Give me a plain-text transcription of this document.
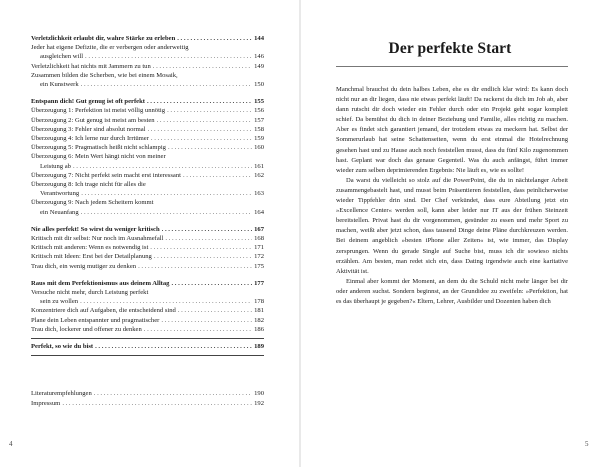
Verletzlichkeit erlaubt dir, wahre Stärke zu erleben . . .	144
Jeder hat eigene Defizite, die er verbergen oder anderweitig
ausgleichen will . . .	146
Verletzlichkeit hat nichts mit Jammern zu tun . . .	149
Zusammen bilden die Scherben, wie bei einem Mosaik,
ein Kunstwerk . . .	150
Entspann dich! Gut genug ist oft perfekt . . .	155
Überzeugung 1: Perfektion ist meist völlig unnötig . . .	156
Überzeugung 2: Gut genug ist meist am besten . . .	157
Überzeugung 3: Fehler sind absolut normal . . .	158
Überzeugung 4: Ich lerne nur durch Irrtümer . . .	159
Überzeugung 5: Pragmatisch heißt nicht schlampig . . .	160
Überzeugung 6: Mein Wert hängt nicht von meiner
Leistung ab . . .	161
Überzeugung 7: Nicht perfekt sein macht erst interessant . . .	162
Überzeugung 8: Ich trage nicht für alles die
Verantwortung . . .	163
Überzeugung 9: Nach jedem Scheitern kommt
ein Neuanfang . . .	164
Nie alles perfekt! So wirst du weniger kritisch . . .	167
Kritisch mit dir selbst: Nur noch im Ausnahmefall . . .	168
Kritisch mit anderen: Wenn es notwendig ist . . .	171
Kritisch mit Ideen: Erst bei der Detailplanung . . .	172
Trau dich, ein wenig mutiger zu denken . . .	175
Raus mit dem Perfektionismus aus deinem Alltag . . .	177
Versuche nicht mehr, durch Leistung perfekt
sein zu wollen . . .	178
Konzentriere dich auf Aufgaben, die entscheidend sind . . .	181
Plane dein Leben entspannter und pragmatischer . . .	182
Trau dich, lockerer und offener zu denken . . .	186
Perfekt, so wie du bist . . .	189
Literaturempfehlungen . . .	190
Impressum . . .	192
Der perfekte Start

Manchmal brauchst du dein halbes Leben, ehe es dir endlich klar wird: Es kann doch nicht nur an dir liegen, dass nie etwas perfekt läuft! Da rackerst du dich im Job ab, aber dann rutscht dir doch wieder ein Fehler durch oder ein Projekt geht sogar komplett schief. Da bemühst du dich in deiner Beziehung und Familie, alles richtig zu machen. Aber es findet sich garantiert jemand, der trotzdem etwas zu meckern hat. Selbst der Sommerurlaub hat seine Schattenseiten, wenn du erst einmal die Hotelrechnung gesehen hast und zu Hause auch noch feststellen musst, dass du fünf Kilo zugenommen hast. Geplant war doch das genaue Gegenteil. Was du auch anfängst, führt immer wieder zum selben deprimierenden Ergebnis: Nie läuft es, wie es sollte!

Da warst du vielleicht so stolz auf die PowerPoint, die du in nächtelanger Arbeit zusammengebastelt hast, und musst beim Präsentieren feststellen, dass peinlicherweise wieder Tippfehler drin sind. Der Chef verkündet, dass eure Abteilung jetzt ein »Excellence Center« werden soll, kann aber leider nur IT aus der frühen Steinzeit bereitstellen. Privat hast du dir vorgenommen, gesünder zu essen und mehr Sport zu machen, weißt aber jetzt schon, dass tausend Dinge deine Pläne durchkreuzen werden. Bei deinem angeblich »besten iPhone aller Zeiten« ist, wie immer, das Display zersprungen. Wenn du gerade Single auf Suche bist, muss ich dir sowieso nichts erzählen. Am besten, man redet sich ein, dass Dating irgendwie auch eine karitative Aktivität ist.

Einmal aber kommt der Moment, an dem du die Schuld nicht mehr länger bei dir oder anderen suchst. Sondern beginnst, an der Grundidee zu zweifeln: »Perfektion, hat es das überhaupt je gegeben?« Eltern, Lehrer, Ausbilder und Dozenten haben dich

4	5
